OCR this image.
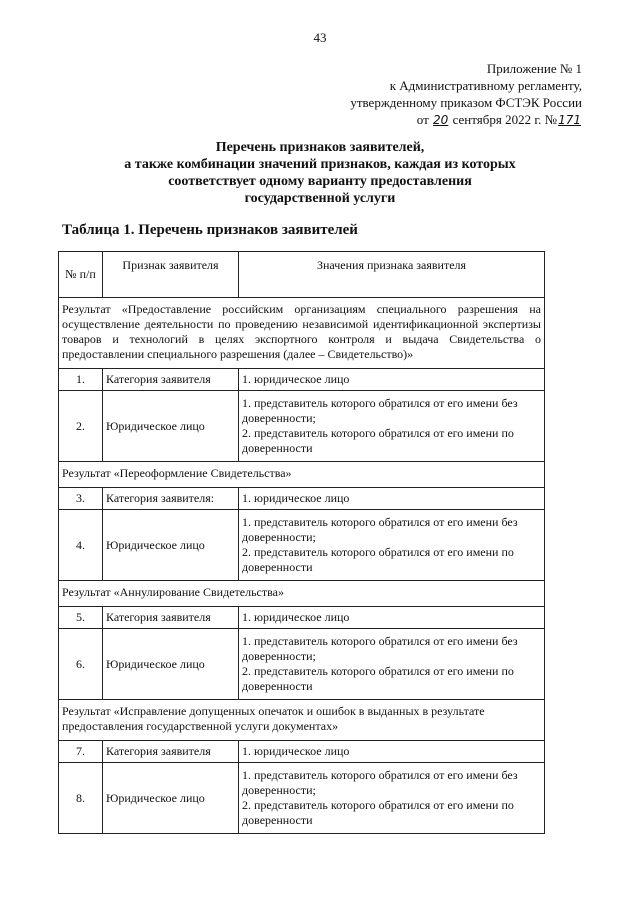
43
Приложение № 1
к Административному регламенту,
утвержденному приказом ФСТЭК России
от 20 сентября 2022 г. №171
Перечень признаков заявителей,
а также комбинации значений признаков, каждая из которых
соответствует одному варианту предоставления
государственной услуги
Таблица 1. Перечень признаков заявителей
№ п/п	Признак заявителя	Значения признака заявителя
Результат «Предоставление российским организациям специального разрешения на осуществление деятельности по проведению независимой идентификационной экспертизы товаров и технологий в целях экспортного контроля и выдача Свидетельства о предоставлении специального разрешения (далее – Свидетельство)»		
1.	Категория заявителя	1. юридическое лицо

2.	Юридическое лицо	1. представитель которого обратился от его имени без доверенности;
2. представитель которого обратился от его имени по доверенности

Результат «Переоформление Свидетельства»		
3.	Категория заявителя:	1. юридическое лицо

4.	Юридическое лицо	1. представитель которого обратился от его имени без доверенности;
2. представитель которого обратился от его имени по доверенности

Результат «Аннулирование Свидетельства»		
5.	Категория заявителя	1. юридическое лицо

6.	Юридическое лицо	1. представитель которого обратился от его имени без доверенности;
2. представитель которого обратился от его имени по доверенности

Результат «Исправление допущенных опечаток и ошибок в выданных в результате предоставления государственной услуги документах»		
7.	Категория заявителя	1. юридическое лицо

8.	Юридическое лицо	1. представитель которого обратился от его имени без доверенности;
2. представитель которого обратился от его имени по доверенности
